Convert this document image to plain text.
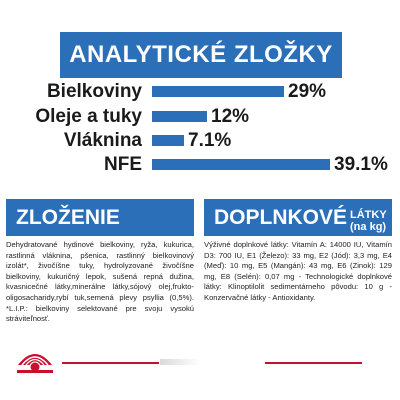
ANALYTICKÉ ZLOŽKY
Bielkoviny	29%
Oleje a tuky	12%
Vláknina 7.1%
NFE	39.1%
ZLOŽENIE
Dehydratované hydinové bielkoviny, ryža, kukurica, rastlinná vláknina, pšenica, rastlinný bielkovinový izolát*, živočíšne tuky, hydrolyzované živočíšne bielkoviny, kukuričný lepok, sušená repná dužina, kvasnicečné látky,minerálne látky,sójový olej,frukto-oligosacharidy,rybí tuk,semená plevy psyllia (0,5%). *L.I.P.: bielkoviny selektované pre svoju vysokú stráviteľnosť.
DOPLNKOVÉ LÁTKY (na kg)
Výživné doplnkové látky: Vitamín A: 14000 IU, Vitamín D3: 700 IU, E1 (Železo): 33 mg, E2 (Jód): 3,3 mg, E4 (Meď): 10 mg, E5 (Mangán): 43 mg, E6 (Zinok): 129 mg, E8 (Selén): 0,07 mg - Technologické doplnkové látky: Klinoptilolit sedimentárneho pôvodu: 10 g - Konzervačné látky - Antioxidanty.
